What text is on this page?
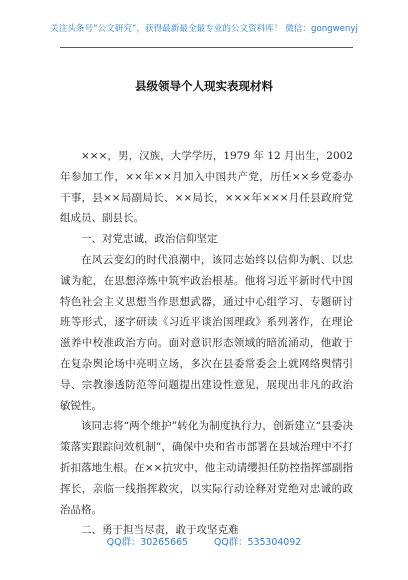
关注头条号“公文研究”，获得最新最全最专业的公文资料库！ 微信：gongwenyj
县级领导个人现实表现材料

×××，男，汉族，大学学历，1979 年 12 月出生，2002 年参加工作，××年××月加入中国共产党，历任××乡党委办干事，县××局副局长、××局长，×××年×××月任县政府党组成员、副县长。

一、对党忠诚，政治信仰坚定

在风云变幻的时代浪潮中，该同志始终以信仰为帆、以忠诚为舵，在思想淬炼中筑牢政治根基。他将习近平新时代中国特色社会主义思想当作思想武器，通过中心组学习、专题研讨班等形式，逐字研读《习近平谈治国理政》系列著作，在理论滋养中校准政治方向。面对意识形态领域的暗流涌动，他敢于在复杂舆论场中亮明立场，多次在县委常委会上就网络舆情引导、宗教渗透防范等问题提出建设性意见，展现出非凡的政治敏锐性。

该同志将“两个维护”转化为制度执行力，创新建立“县委决策落实跟踪问效机制”，确保中央和省市部署在县域治理中不打折扣落地生根。在××抗灾中，他主动请缨担任防控指挥部副指挥长，亲临一线指挥救灾，以实际行动诠释对党绝对忠诚的政治品格。

二、勇于担当尽责，敢于攻坚克难

QQ群：30265665	QQ群：535304092
